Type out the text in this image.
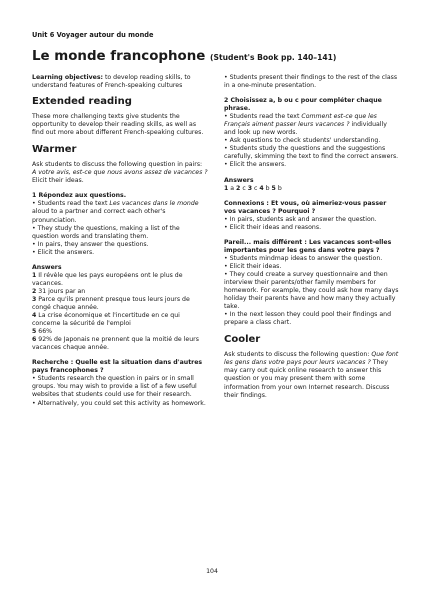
Unit 6 Voyager autour du monde
Le monde francophone (Student's Book pp. 140–141)

Learning objectives: to develop reading skills, to understand features of French-speaking cultures

Extended reading

These more challenging texts give students the opportunity to develop their reading skills, as well as find out more about different French-speaking cultures.

Warmer

Ask students to discuss the following question in pairs: A votre avis, est-ce que nous avons assez de vacances ? Elicit their ideas.

1 Répondez aux questions.

• Students read the text Les vacances dans le monde aloud to a partner and correct each other's pronunciation.

• They study the questions, making a list of the question words and translating them.

• In pairs, they answer the questions.

• Elicit the answers.

Answers

1 Il révèle que les pays européens ont le plus de vacances.

2 31 jours par an

3 Parce qu'ils prennent presque tous leurs jours de congé chaque année.

4 La crise économique et l'incertitude en ce qui concerne la sécurité de l'emploi

5 66%

6 92% de Japonais ne prennent que la moitié de leurs vacances chaque année.

Recherche : Quelle est la situation dans d'autres pays francophones ?

• Students research the question in pairs or in small groups. You may wish to provide a list of a few useful websites that students could use for their research.

• Alternatively, you could set this activity as homework.

• Students present their findings to the rest of the class in a one-minute presentation.

2 Choisissez a, b ou c pour compléter chaque phrase.

• Students read the text Comment est-ce que les Français aiment passer leurs vacances ? individually and look up new words.

• Ask questions to check students' understanding.

• Students study the questions and the suggestions carefully, skimming the text to find the correct answers.

• Elicit the answers.

Answers

1 a 2 c 3 c 4 b 5 b

Connexions : Et vous, où aimeriez-vous passer vos vacances ? Pourquoi ?

• In pairs, students ask and answer the question.

• Elicit their ideas and reasons.

Pareil... mais différent : Les vacances sont-elles importantes pour les gens dans votre pays ?

• Students mindmap ideas to answer the question.

• Elicit their ideas.

• They could create a survey questionnaire and then interview their parents/other family members for homework. For example, they could ask how many days holiday their parents have and how many they actually take.

• In the next lesson they could pool their findings and prepare a class chart.

Cooler

Ask students to discuss the following question: Que font les gens dans votre pays pour leurs vacances ? They may carry out quick online research to answer this question or you may present them with some information from your own Internet research. Discuss their findings.

104
